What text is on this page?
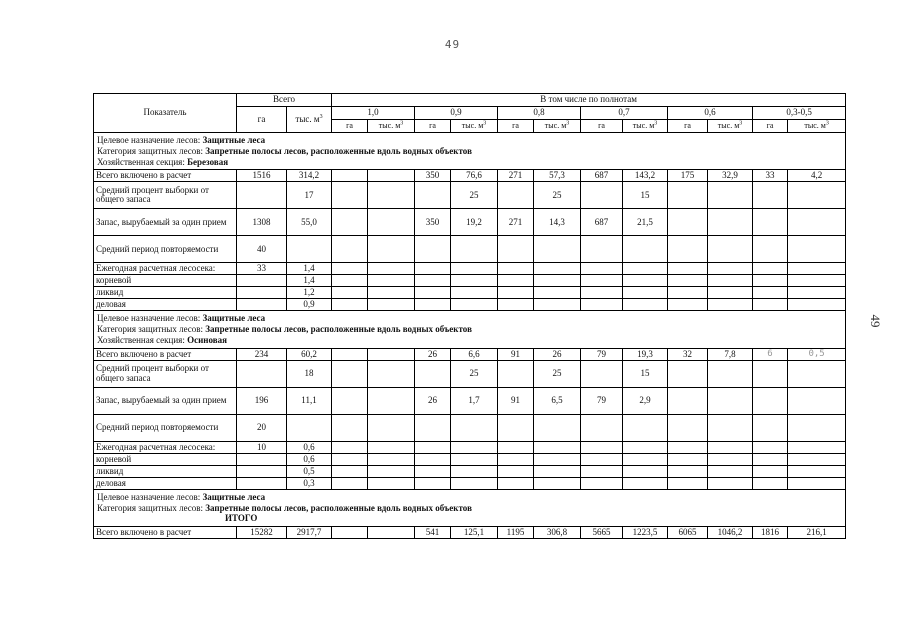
49
49
Показатель	Всего		В том числе по полнотам											
	га	тыс. $м^3$	1,0		0,9		0,8		0,7		0,6		0,3-0,5	
			га	тыс. $м^3$	га	тыс. $м^3$	га	тыс. $м^3$	га	тыс. $м^3$	га	тыс. $м^3$	га	тыс. $м^3$

Целевое назначение лесов: Защитные леса
Категория защитных лесов: Запретные полосы лесов, расположенные вдоль водных объектов
Хозяйственная секция: Березовая														

Всего включено в расчет	1516	314,2			350	76,6	271	57,3	687	143,2	175	32,9	33	4,2
Средний процент выборки от общего запаса		17				25		25		15				
Запас, вырубаемый за один прием	1308	55,0			350	19,2	271	14,3	687	21,5				
Средний период повторяемости	40													
Ежегодная расчетная лесосека:	33	1,4												
корневой		1,4												
ликвид		1,2												
деловая		0,9												

Целевое назначение лесов: Защитные леса
Категория защитных лесов: Запретные полосы лесов, расположенные вдоль водных объектов
Хозяйственная секция: Осиновая														

Всего включено в расчет	234	60,2			26	6,6	91	26	79	19,3	32	7,8	6	0,5
Средний процент выборки от общего запаса		18				25		25		15				
Запас, вырубаемый за один прием	196	11,1			26	1,7	91	6,5	79	2,9				
Средний период повторяемости	20													
Ежегодная расчетная лесосека:	10	0,6												
корневой		0,6												
ликвид		0,5												
деловая		0,3												

Целевое назначение лесов: Защитные леса
Категория защитных лесов: Запретные полосы лесов, расположенные вдоль водных объектов
ИТОГО														

Всего включено в расчет	15282	2917,7			541	125,1	1195	306,8	5665	1223,5	6065	1046,2	1816	216,1
